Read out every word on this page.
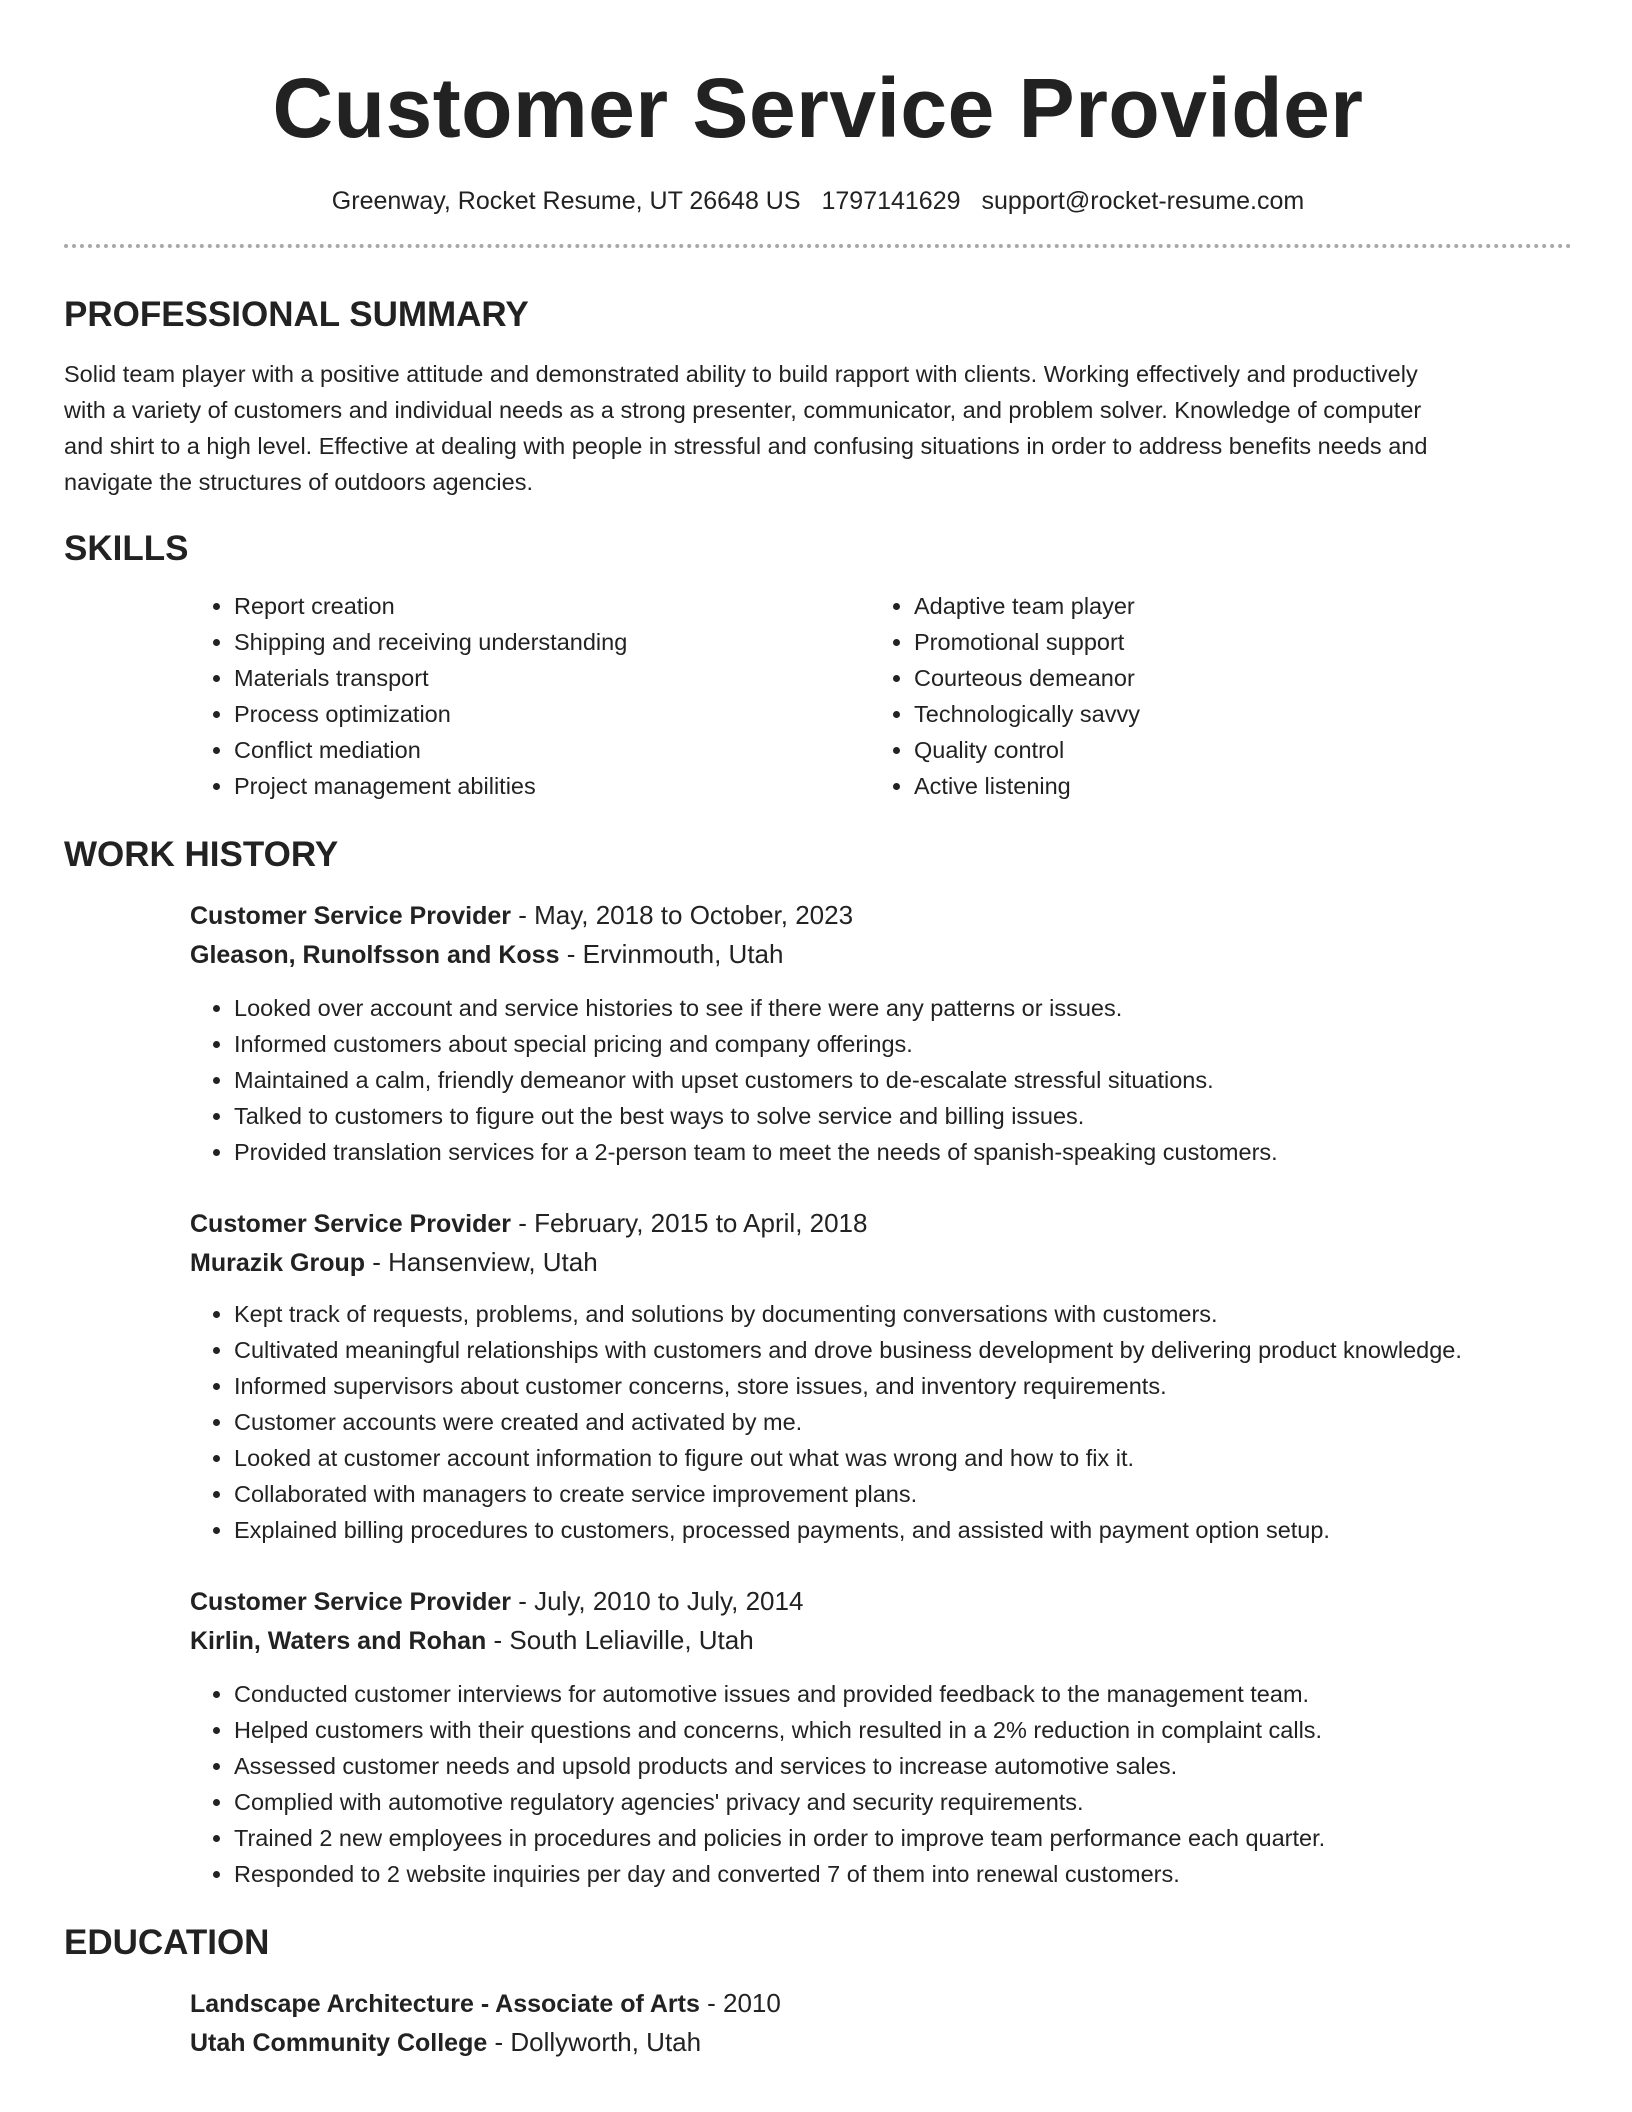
Customer Service Provider
Greenway, Rocket Resume, UT 26648 US 1797141629 support@rocket-resume.com
PROFESSIONAL SUMMARY

Solid team player with a positive attitude and demonstrated ability to build rapport with clients. Working effectively and productively with a variety of customers and individual needs as a strong presenter, communicator, and problem solver. Knowledge of computer and shirt to a high level. Effective at dealing with people in stressful and confusing situations in order to address benefits needs and navigate the structures of outdoors agencies.

SKILLS
• Report creation
• Shipping and receiving understanding
• Materials transport
• Process optimization
• Conflict mediation
• Project management abilities
• Adaptive team player
• Promotional support
• Courteous demeanor
• Technologically savvy
• Quality control
• Active listening
WORK HISTORY
Customer Service Provider - May, 2018 to October, 2023
Gleason, Runolfsson and Koss - Ervinmouth, Utah
• Looked over account and service histories to see if there were any patterns or issues.
• Informed customers about special pricing and company offerings.
• Maintained a calm, friendly demeanor with upset customers to de-escalate stressful situations.
• Talked to customers to figure out the best ways to solve service and billing issues.
• Provided translation services for a 2-person team to meet the needs of spanish-speaking customers.
Customer Service Provider - February, 2015 to April, 2018
Murazik Group - Hansenview, Utah
• Kept track of requests, problems, and solutions by documenting conversations with customers.
• Cultivated meaningful relationships with customers and drove business development by delivering product knowledge.
• Informed supervisors about customer concerns, store issues, and inventory requirements.
• Customer accounts were created and activated by me.
• Looked at customer account information to figure out what was wrong and how to fix it.
• Collaborated with managers to create service improvement plans.
• Explained billing procedures to customers, processed payments, and assisted with payment option setup.
Customer Service Provider - July, 2010 to July, 2014
Kirlin, Waters and Rohan - South Leliaville, Utah
• Conducted customer interviews for automotive issues and provided feedback to the management team.
• Helped customers with their questions and concerns, which resulted in a 2% reduction in complaint calls.
• Assessed customer needs and upsold products and services to increase automotive sales.
• Complied with automotive regulatory agencies' privacy and security requirements.
• Trained 2 new employees in procedures and policies in order to improve team performance each quarter.
• Responded to 2 website inquiries per day and converted 7 of them into renewal customers.
EDUCATION
Landscape Architecture - Associate of Arts - 2010
Utah Community College - Dollyworth, Utah
